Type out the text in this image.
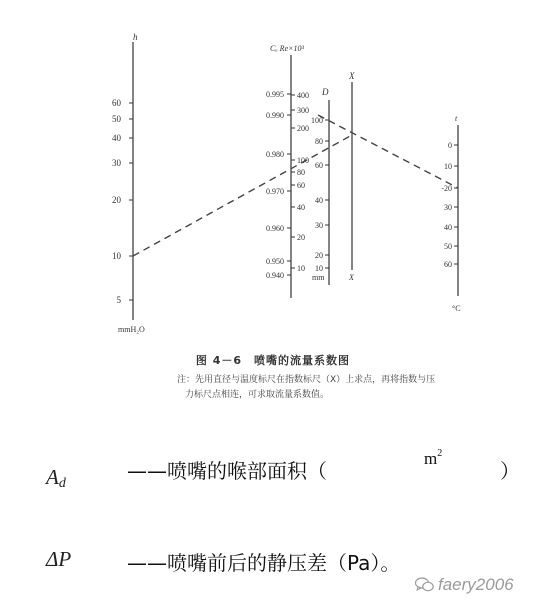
h
60
50
40
30
20
10
5
mmH₂O
Cₐ Re×10³
0.995
0.990
0.980
0.970
0.960
0.950
0.940
400
300
200
100
80
60
40
20
10
D
100
80
60
40
30
20
10
mm
X
X
t
0
10
-20
30
40
50
60
°C
图 4－6　喷嘴的流量系数图
注：先用直径与温度标尺在指数标尺（X）上求点，再将指数与压
力标尺点相连，可求取流量系数值。
$A_d$
——喷嘴的喉部面积（
$m^2$
）
ΔP	——喷嘴前后的静压差（Pa）。
faery2006
